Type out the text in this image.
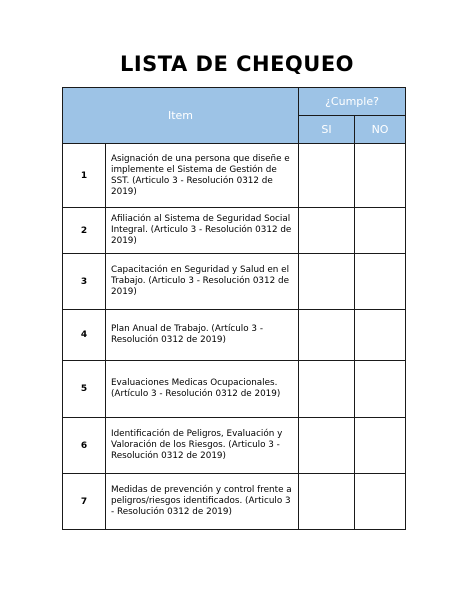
LISTA DE CHEQUEO
Item		¿Cumple?	
		SI	NO
1	Asignación de una persona que diseñe e implemente el Sistema de Gestión de SST. (Articulo 3 - Resolución 0312 de 2019)		
2	Afiliación al Sistema de Seguridad Social Integral. (Articulo 3 - Resolución 0312 de 2019)		
3	Capacitación en Seguridad y Salud en el Trabajo. (Articulo 3 - Resolución 0312 de 2019)		
4	Plan Anual de Trabajo. (Artículo 3 - Resolución 0312 de 2019)		
5	Evaluaciones Medicas Ocupacionales. (Artículo 3 - Resolución 0312 de 2019)		
6	Identificación de Peligros, Evaluación y Valoración de los Riesgos. (Articulo 3 - Resolución 0312 de 2019)		
7	Medidas de prevención y control frente a peligros/riesgos identificados. (Articulo 3 - Resolución 0312 de 2019)		
